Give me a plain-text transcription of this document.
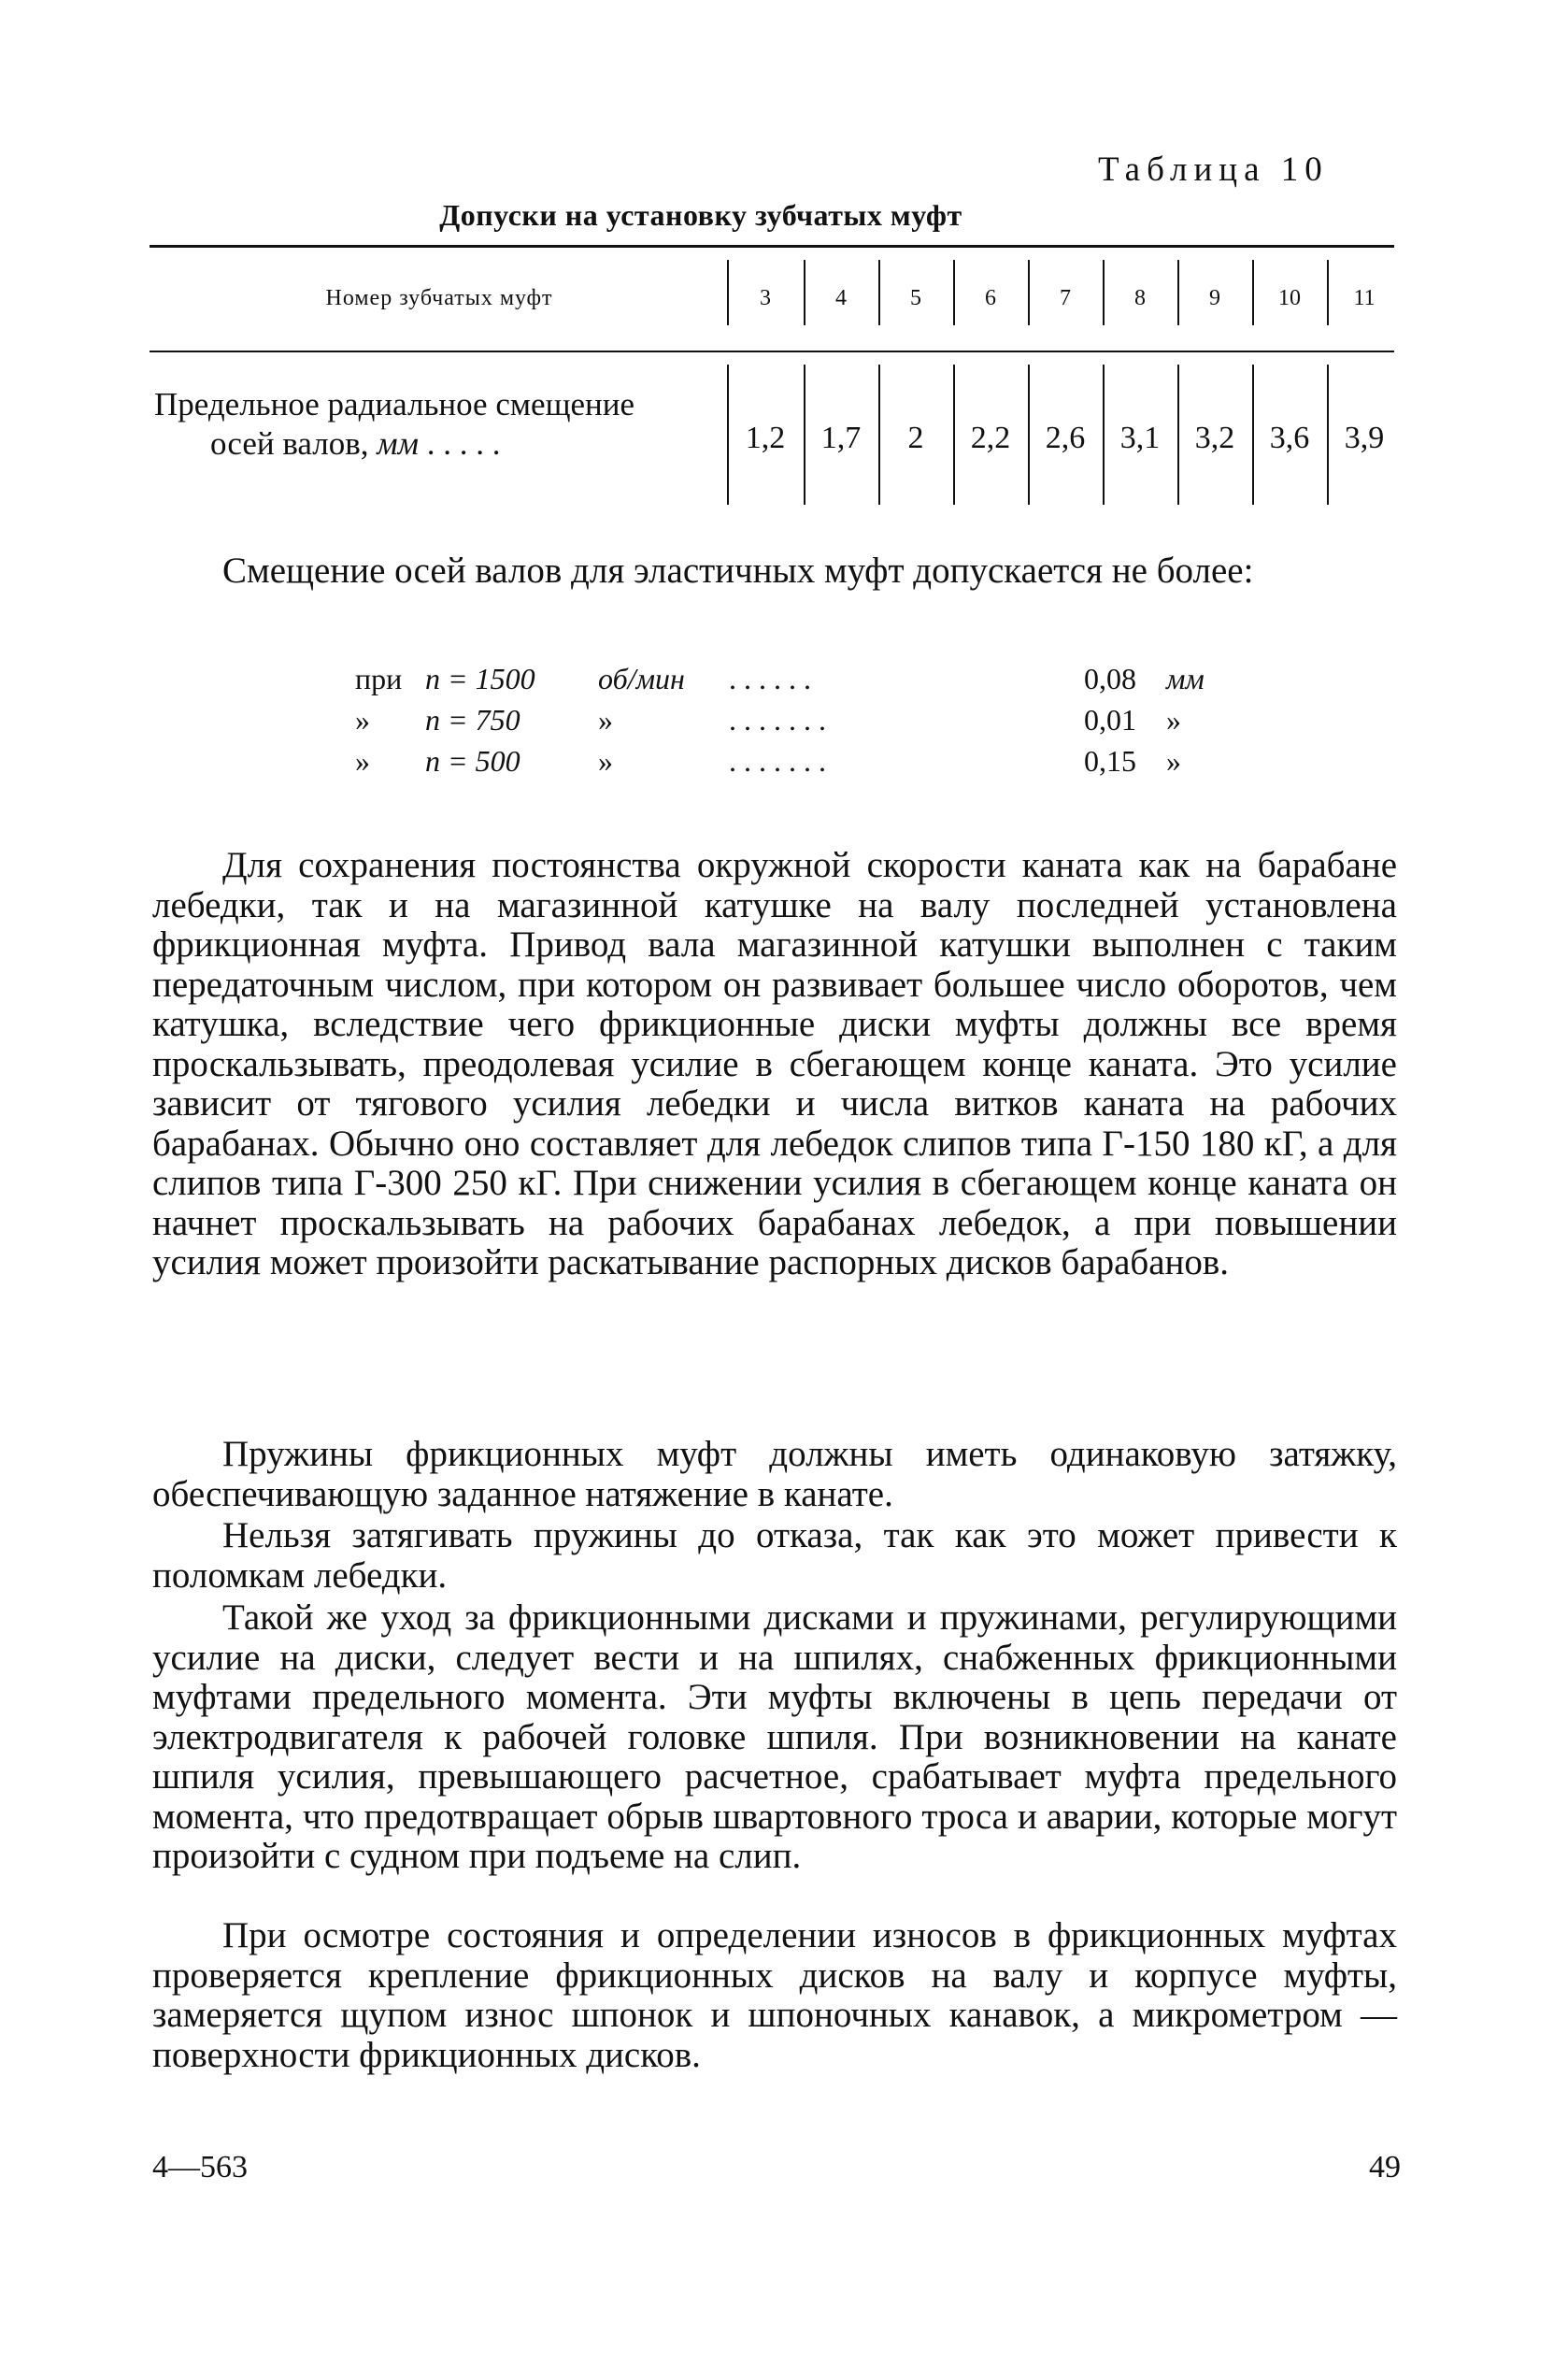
Таблица 10
Допуски на установку зубчатых муфт
Номер зубчатых муфт	3	4	5	6	7	8	9	10	11
Предельное радиальное смещение
осей валов, мм . . . . .	1,2	1,7	2	2,2	2,6	3,1	3,2	3,6	3,9
Смещение осей валов для эластичных муфт допускается не более:
при n = 1500 об/мин . . . . . .	0,08 мм
» n = 750	»	. . . . . . .	0,01 »
» n = 500	»	. . . . . . .	0,15 »
Для сохранения постоянства окружной скорости каната как на барабане лебедки, так и на магазинной катушке на валу последней установлена фрикционная муфта. Привод вала магазинной катушки выполнен с таким передаточным числом, при котором он развивает большее число оборотов, чем катушка, вследствие чего фрикционные диски муфты должны все время проскальзывать, преодолевая усилие в сбегающем конце каната. Это усилие зависит от тягового усилия лебедки и числа витков каната на рабочих барабанах. Обычно оно составляет для лебедок слипов типа Г-150 180 кГ, а для слипов типа Г-300 250 кГ. При снижении усилия в сбегающем конце каната он начнет проскальзывать на рабочих барабанах лебедок, а при повышении усилия может произойти раскатывание распорных дисков барабанов.
Пружины фрикционных муфт должны иметь одинаковую затяжку, обеспечивающую заданное натяжение в канате.
Нельзя затягивать пружины до отказа, так как это может привести к поломкам лебедки.
Такой же уход за фрикционными дисками и пружинами, регулирующими усилие на диски, следует вести и на шпилях, снабженных фрикционными муфтами предельного момента. Эти муфты включены в цепь передачи от электродвигателя к рабочей головке шпиля. При возникновении на канате шпиля усилия, превышающего расчетное, срабатывает муфта предельного момента, что предотвращает обрыв швартовного троса и аварии, которые могут произойти с судном при подъеме на слип.
При осмотре состояния и определении износов в фрикционных муфтах проверяется крепление фрикционных дисков на валу и корпусе муфты, замеряется щупом износ шпонок и шпоночных канавок, а микрометром — поверхности фрикционных дисков.
4—563	49
